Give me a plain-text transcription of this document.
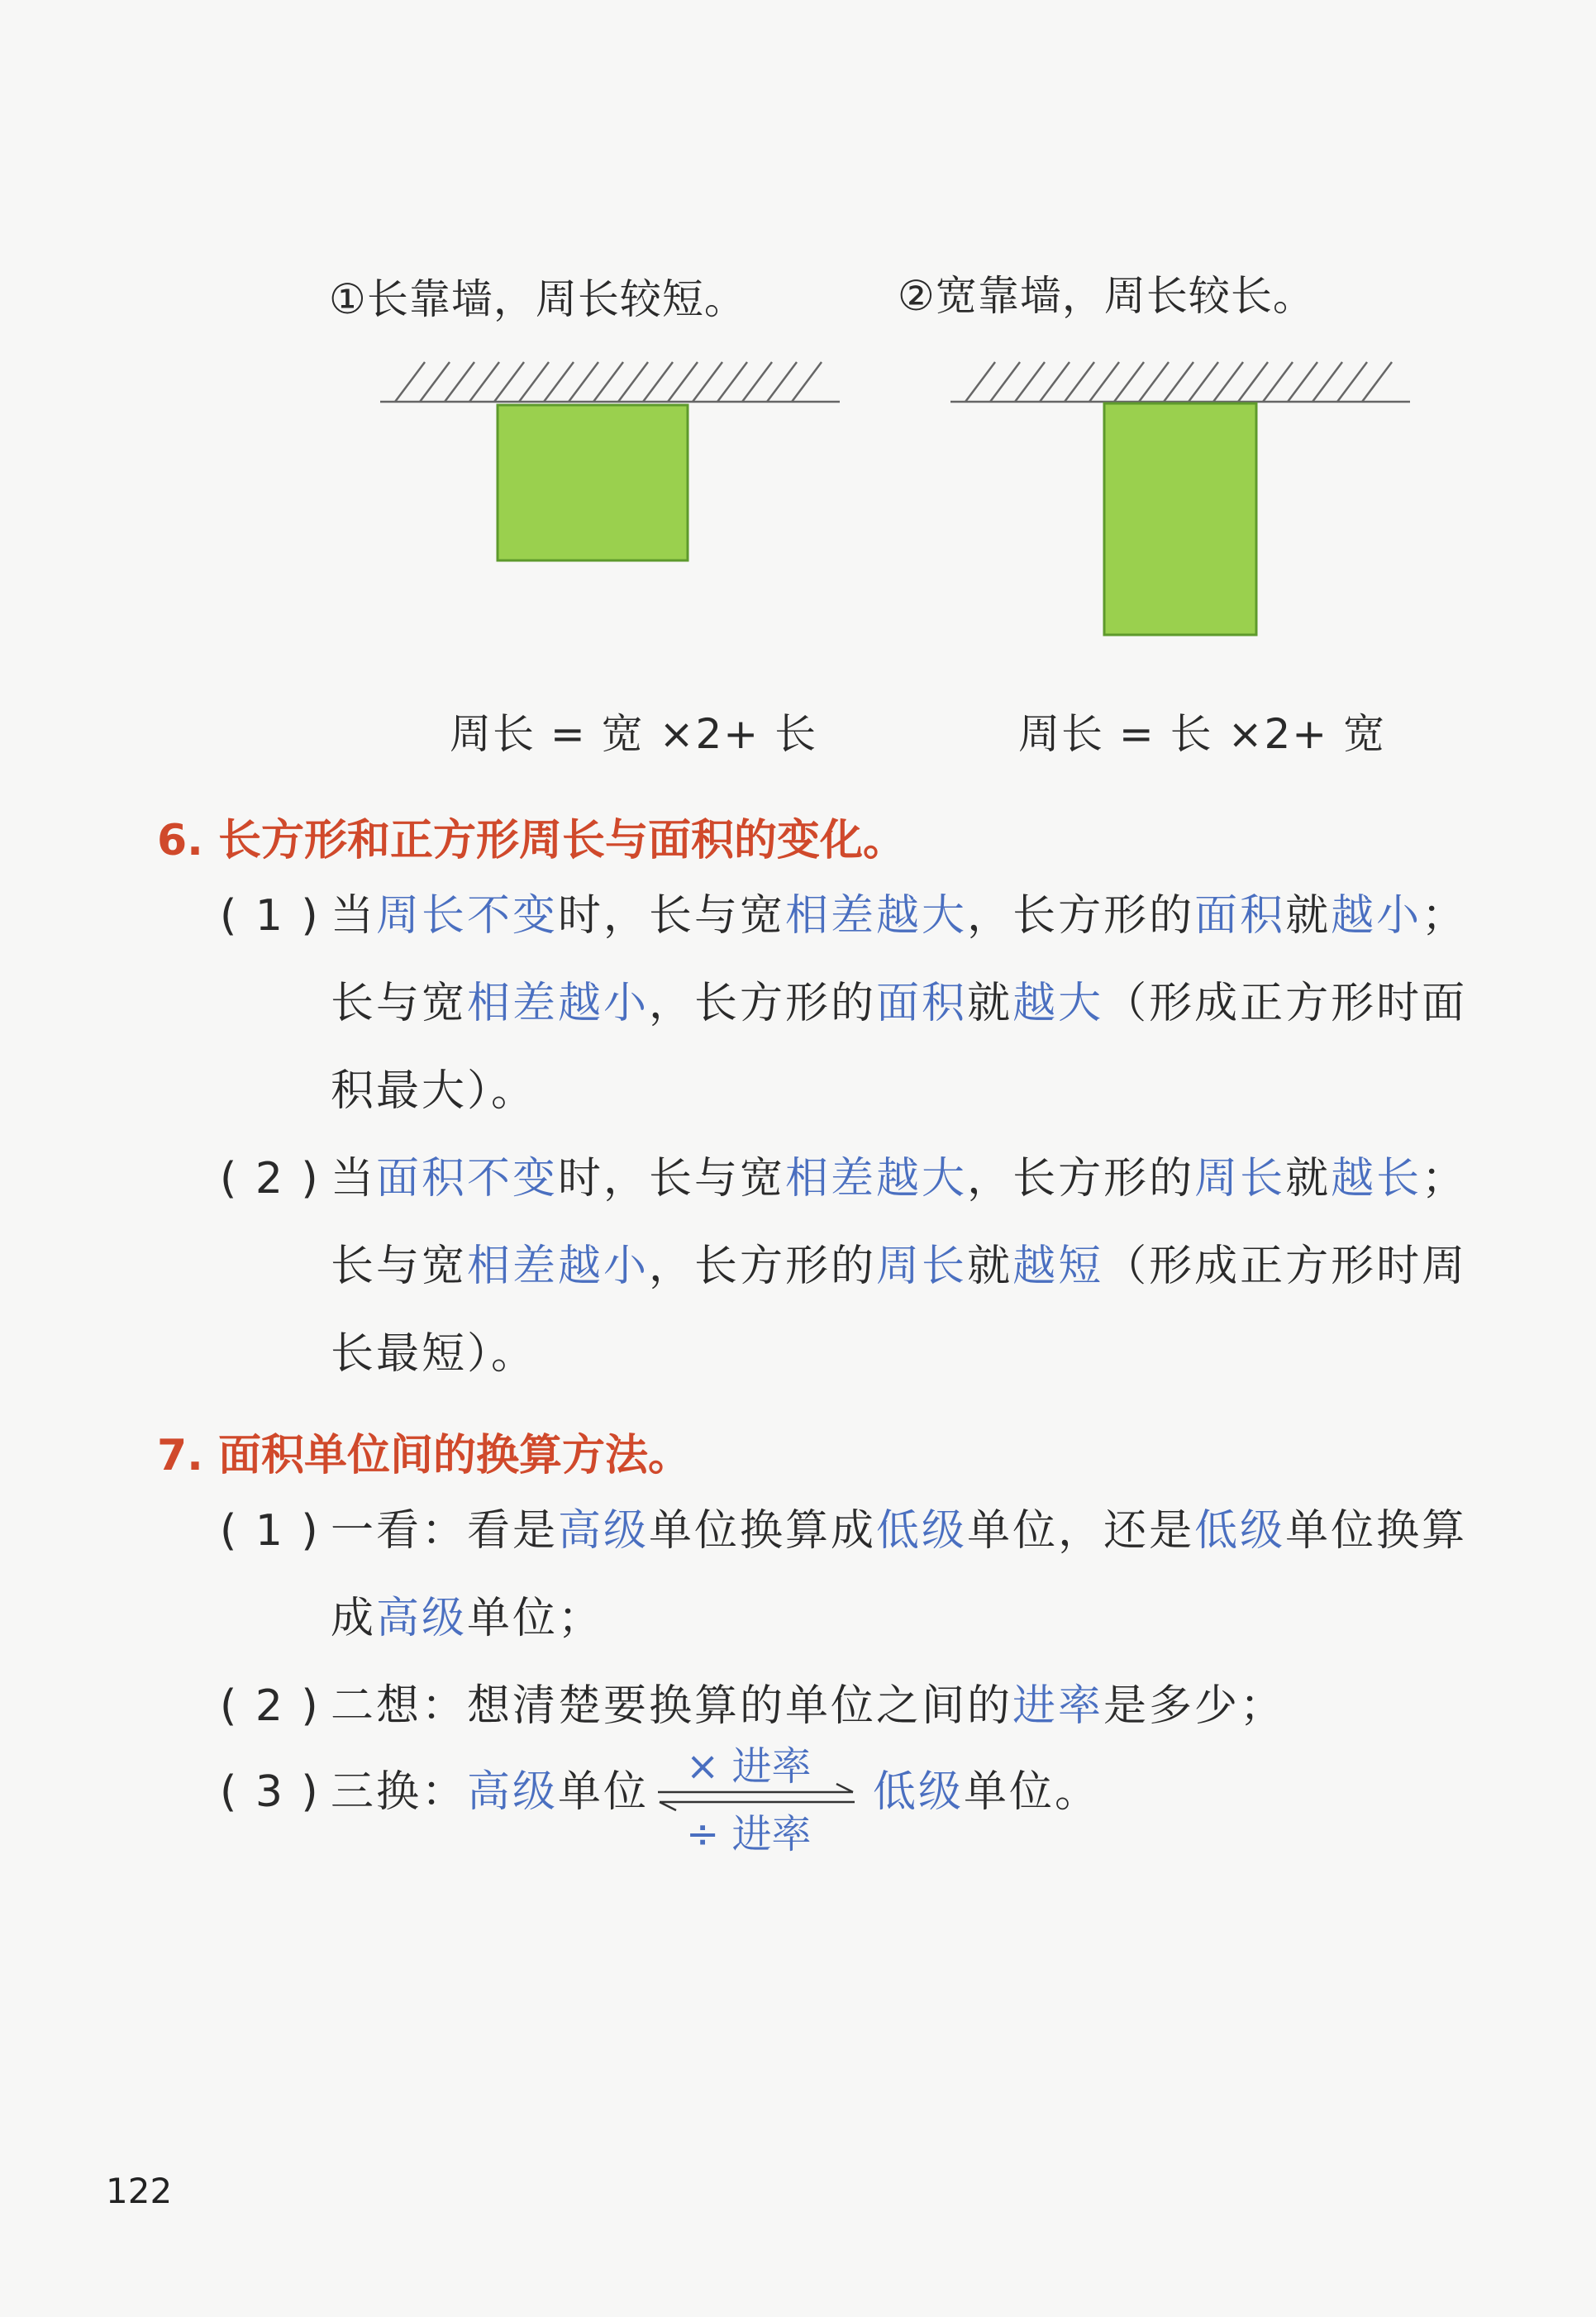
①长靠墙，周长较短。	②宽靠墙，周长较长。
周长 = 宽 ×2+ 长	周长 = 长 ×2+ 宽
6. 长方形和正方形周长与面积的变化。
( 1 ) 当周长不变时，长与宽相差越大，长方形的面积就越小；
长与宽相差越小，长方形的面积就越大（形成正方形时面
积最大）。
( 2 ) 当面积不变时，长与宽相差越大，长方形的周长就越长；
长与宽相差越小，长方形的周长就越短（形成正方形时周
长最短）。
7. 面积单位间的换算方法。
( 1 ) 一看：看是高级单位换算成低级单位，还是低级单位换算
成高级单位；
( 2 ) 二想：想清楚要换算的单位之间的进率是多少；
( 3 ) 三换：高级单位
× 进率
÷ 进率
低级单位。
122
